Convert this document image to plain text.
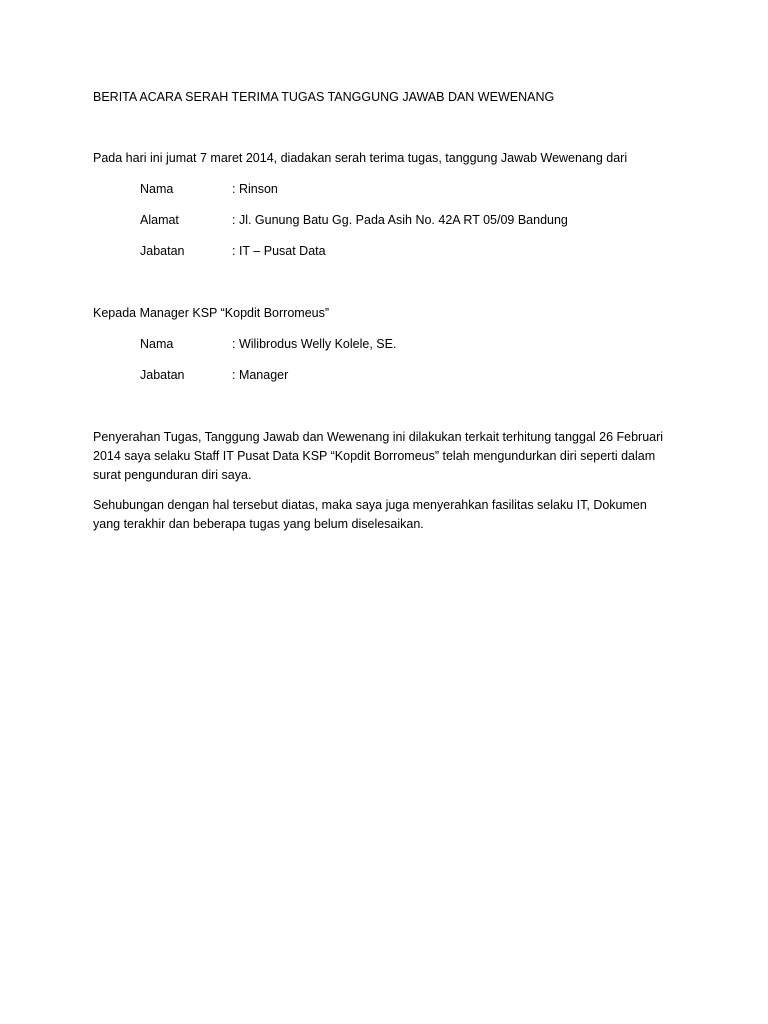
BERITA ACARA SERAH TERIMA TUGAS TANGGUNG JAWAB DAN WEWENANG
Pada hari ini jumat 7 maret 2014, diadakan serah terima tugas, tanggung Jawab Wewenang dari
Nama	: Rinson
Alamat	: Jl. Gunung Batu Gg. Pada Asih No. 42A RT 05/09 Bandung
Jabatan	: IT – Pusat Data
Kepada Manager KSP “Kopdit Borromeus”
Nama	: Wilibrodus Welly Kolele, SE.
Jabatan	: Manager
Penyerahan Tugas, Tanggung Jawab dan Wewenang ini dilakukan terkait terhitung tanggal 26 Februari 2014 saya selaku Staff IT Pusat Data KSP “Kopdit Borromeus” telah mengundurkan diri seperti dalam surat pengunduran diri saya.
Sehubungan dengan hal tersebut diatas, maka saya juga menyerahkan fasilitas selaku IT, Dokumen yang terakhir dan beberapa tugas yang belum diselesaikan.
